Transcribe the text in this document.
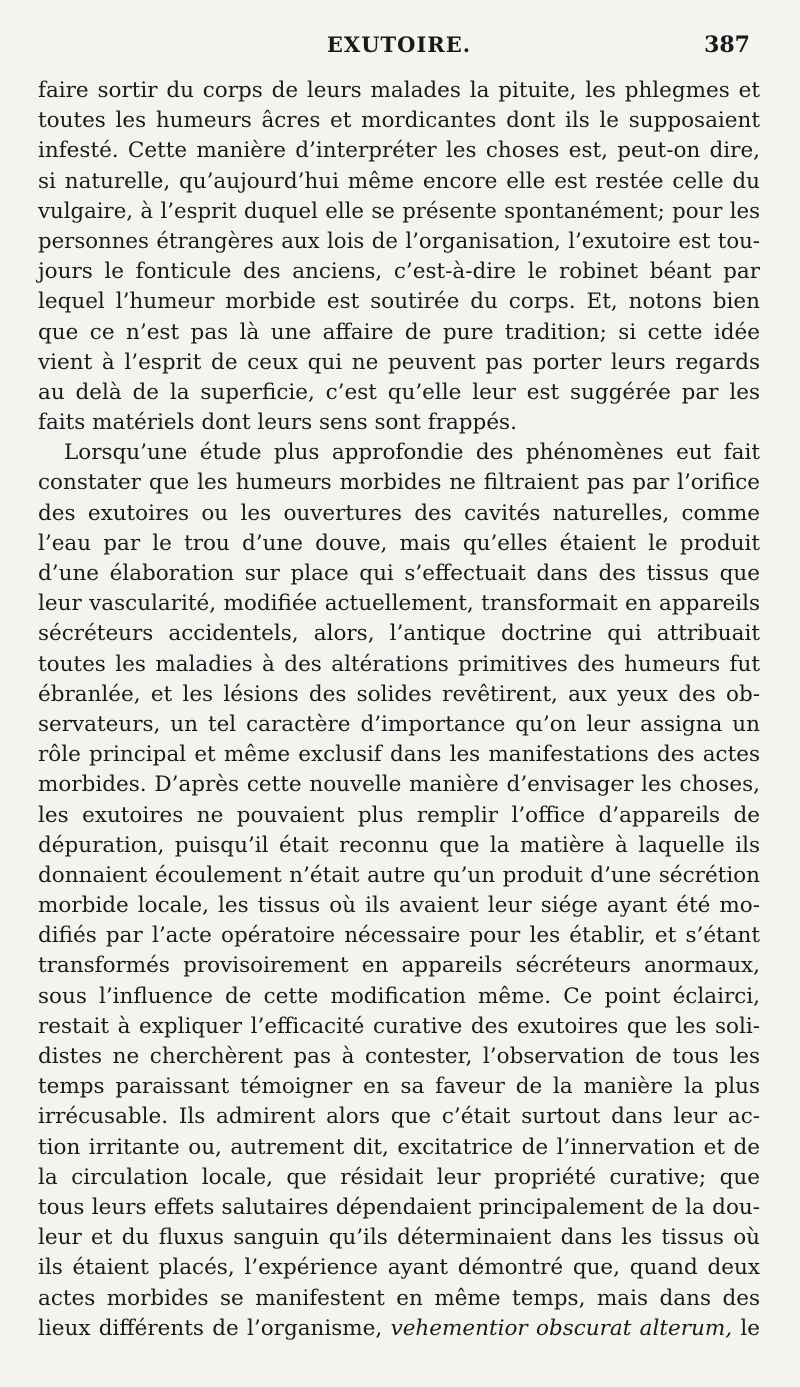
EXUTOIRE.	387
faire sortir du corps de leurs malades la pituite, les phlegmes et
toutes les humeurs âcres et mordicantes dont ils le supposaient
infesté. Cette manière d’interpréter les choses est, peut-on dire,
si naturelle, qu’aujourd’hui même encore elle est restée celle du
vulgaire, à l’esprit duquel elle se présente spontanément; pour les
personnes étrangères aux lois de l’organisation, l’exutoire est tou-
jours le fonticule des anciens, c’est-à-dire le robinet béant par
lequel l’humeur morbide est soutirée du corps. Et, notons bien
que ce n’est pas là une affaire de pure tradition; si cette idée
vient à l’esprit de ceux qui ne peuvent pas porter leurs regards
au delà de la superficie, c’est qu’elle leur est suggérée par les
faits matériels dont leurs sens sont frappés.
Lorsqu’une étude plus approfondie des phénomènes eut fait
constater que les humeurs morbides ne filtraient pas par l’orifice
des exutoires ou les ouvertures des cavités naturelles, comme
l’eau par le trou d’une douve, mais qu’elles étaient le produit
d’une élaboration sur place qui s’effectuait dans des tissus que
leur vascularité, modifiée actuellement, transformait en appareils
sécréteurs accidentels, alors, l’antique doctrine qui attribuait
toutes les maladies à des altérations primitives des humeurs fut
ébranlée, et les lésions des solides revêtirent, aux yeux des ob-
servateurs, un tel caractère d’importance qu’on leur assigna un
rôle principal et même exclusif dans les manifestations des actes
morbides. D’après cette nouvelle manière d’envisager les choses,
les exutoires ne pouvaient plus remplir l’office d’appareils de
dépuration, puisqu’il était reconnu que la matière à laquelle ils
donnaient écoulement n’était autre qu’un produit d’une sécrétion
morbide locale, les tissus où ils avaient leur siége ayant été mo-
difiés par l’acte opératoire nécessaire pour les établir, et s’étant
transformés provisoirement en appareils sécréteurs anormaux,
sous l’influence de cette modification même. Ce point éclairci,
restait à expliquer l’efficacité curative des exutoires que les soli-
distes ne cherchèrent pas à contester, l’observation de tous les
temps paraissant témoigner en sa faveur de la manière la plus
irrécusable. Ils admirent alors que c’était surtout dans leur ac-
tion irritante ou, autrement dit, excitatrice de l’innervation et de
la circulation locale, que résidait leur propriété curative; que
tous leurs effets salutaires dépendaient principalement de la dou-
leur et du fluxus sanguin qu’ils déterminaient dans les tissus où
ils étaient placés, l’expérience ayant démontré que, quand deux
actes morbides se manifestent en même temps, mais dans des
lieux différents de l’organisme, vehementior obscurat alterum, le
